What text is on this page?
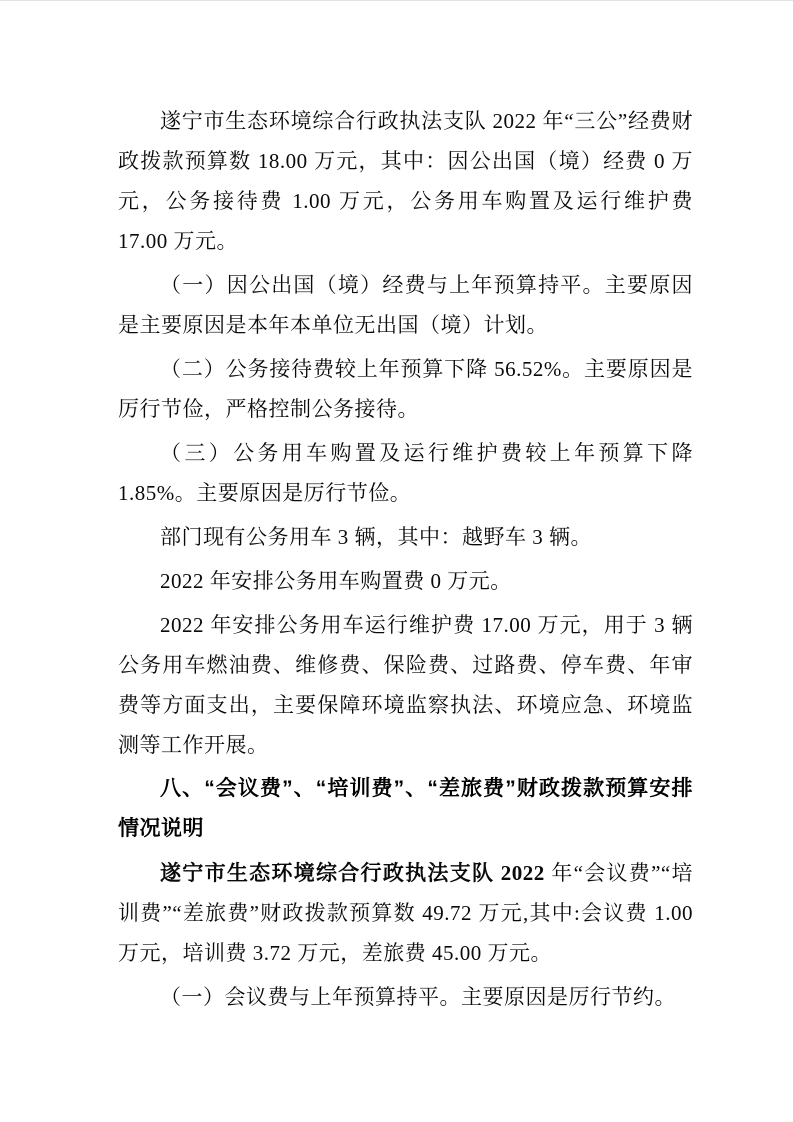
遂宁市生态环境综合行政执法支队 2022 年“三公”经费财政拨款预算数 18.00 万元，其中：因公出国（境）经费 0 万元，公务接待费 1.00 万元，公务用车购置及运行维护费 17.00 万元。

（一）因公出国（境）经费与上年预算持平。主要原因是主要原因是本年本单位无出国（境）计划。

（二）公务接待费较上年预算下降 56.52%。主要原因是厉行节俭，严格控制公务接待。

（三）公务用车购置及运行维护费较上年预算下降 1.85%。主要原因是厉行节俭。

部门现有公务用车 3 辆，其中：越野车 3 辆。

2022 年安排公务用车购置费 0 万元。

2022 年安排公务用车运行维护费 17.00 万元，用于 3 辆公务用车燃油费、维修费、保险费、过路费、停车费、年审费等方面支出，主要保障环境监察执法、环境应急、环境监测等工作开展。

八、“会议费”、“培训费”、“差旅费”财政拨款预算安排情况说明

遂宁市生态环境综合行政执法支队 2022 年“会议费”“培训费”“差旅费”财政拨款预算数 49.72 万元,其中:会议费 1.00 万元，培训费 3.72 万元，差旅费 45.00 万元。

（一）会议费与上年预算持平。主要原因是厉行节约。
